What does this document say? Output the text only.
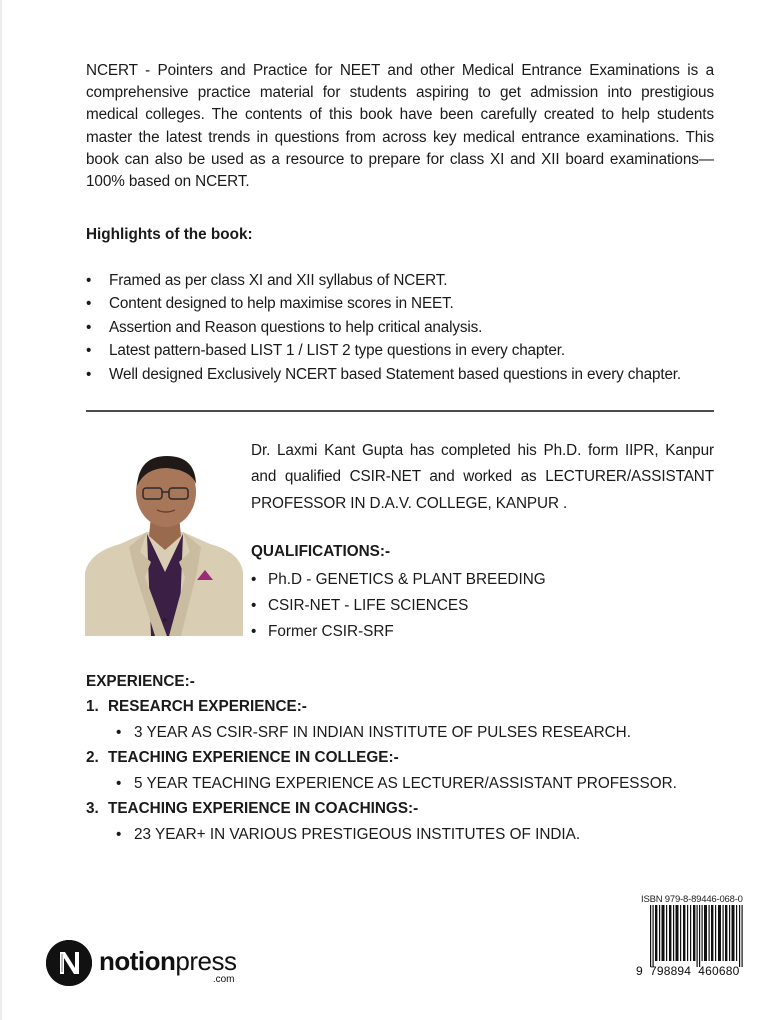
NCERT - Pointers and Practice for NEET and other Medical Entrance Examinations is a comprehensive practice material for students aspiring to get admission into prestigious medical colleges. The contents of this book have been carefully created to help students master the latest trends in questions from across key medical entrance examinations. This book can also be used as a resource to prepare for class XI and XII board examinations—100% based on NCERT.

Highlights of the book:
• Framed as per class XI and XII syllabus of NCERT.
• Content designed to help maximise scores in NEET.
• Assertion and Reason questions to help critical analysis.
• Latest pattern-based LIST 1 / LIST 2 type questions in every chapter.
• Well designed Exclusively NCERT based Statement based questions in every chapter.

Dr. Laxmi Kant Gupta has completed his Ph.D. form IIPR, Kanpur and qualified CSIR-NET and worked as LECTURER/ASSISTANT PROFESSOR IN D.A.V. COLLEGE, KANPUR .

QUALIFICATIONS:-
• Ph.D - GENETICS & PLANT BREEDING
• CSIR-NET - LIFE SCIENCES
• Former CSIR-SRF
EXPERIENCE:-
1. RESEARCH EXPERIENCE:-
• 3 YEAR AS CSIR-SRF IN INDIAN INSTITUTE OF PULSES RESEARCH.
2. TEACHING EXPERIENCE IN COLLEGE:-
• 5 YEAR TEACHING EXPERIENCE AS LECTURER/ASSISTANT PROFESSOR.
3. TEACHING EXPERIENCE IN COACHINGS:-
• 23 YEAR+ IN VARIOUS PRESTIGEOUS INSTITUTES OF INDIA.
notionpress
.com
ISBN 979-8-89446-068-0
9  798894  460680
